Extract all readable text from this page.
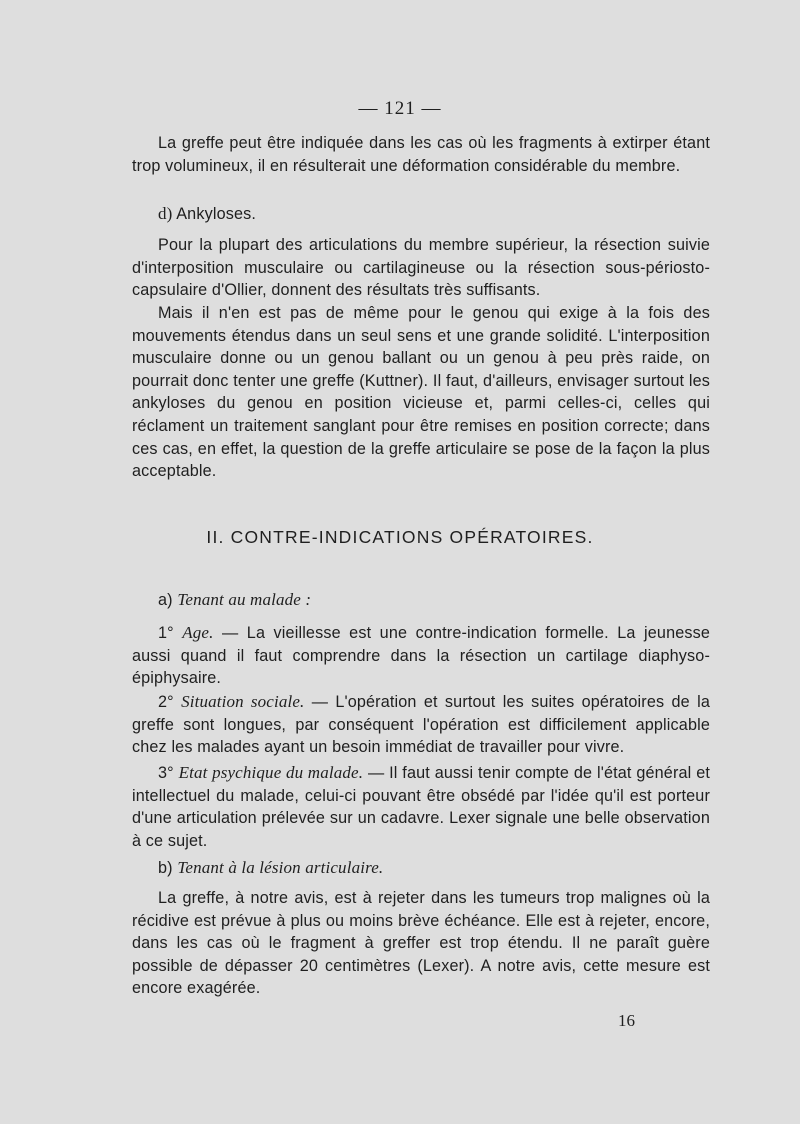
— 121 —
La greffe peut être indiquée dans les cas où les fragments à extirper étant trop volumineux, il en résulterait une déformation considérable du membre.
d) Ankyloses.
Pour la plupart des articulations du membre supérieur, la résection suivie d'interposition musculaire ou cartilagineuse ou la résection sous-périosto-capsulaire d'Ollier, donnent des résultats très suffisants.
Mais il n'en est pas de même pour le genou qui exige à la fois des mouvements étendus dans un seul sens et une grande solidité. L'interposition musculaire donne ou un genou ballant ou un genou à peu près raide, on pourrait donc tenter une greffe (Kuttner). Il faut, d'ailleurs, envisager surtout les ankyloses du genou en position vicieuse et, parmi celles-ci, celles qui réclament un traitement sanglant pour être remises en position correcte; dans ces cas, en effet, la question de la greffe articulaire se pose de la façon la plus acceptable.
II. CONTRE-INDICATIONS OPÉRATOIRES.
a) Tenant au malade :
1° Age. — La vieillesse est une contre-indication formelle. La jeunesse aussi quand il faut comprendre dans la résection un cartilage diaphyso-épiphysaire.
2° Situation sociale. — L'opération et surtout les suites opératoires de la greffe sont longues, par conséquent l'opération est difficilement applicable chez les malades ayant un besoin immédiat de travailler pour vivre.
3° Etat psychique du malade. — Il faut aussi tenir compte de l'état général et intellectuel du malade, celui-ci pouvant être obsédé par l'idée qu'il est porteur d'une articulation prélevée sur un cadavre. Lexer signale une belle observation à ce sujet.
b) Tenant à la lésion articulaire.
La greffe, à notre avis, est à rejeter dans les tumeurs trop malignes où la récidive est prévue à plus ou moins brève échéance. Elle est à rejeter, encore, dans les cas où le fragment à greffer est trop étendu. Il ne paraît guère possible de dépasser 20 centimètres (Lexer). A notre avis, cette mesure est encore exagérée.
16
